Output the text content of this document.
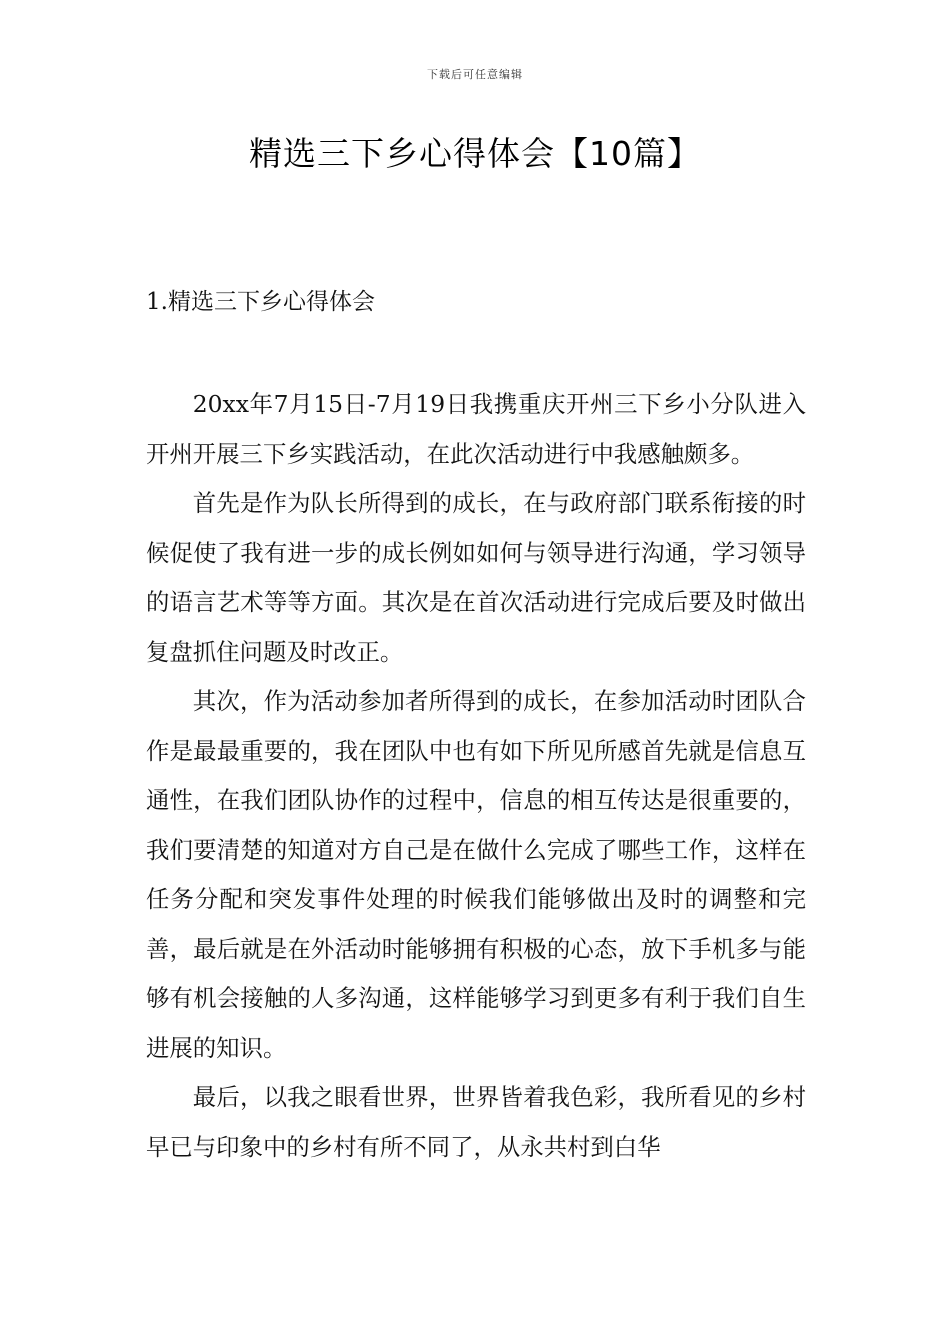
下载后可任意编辑
精选三下乡心得体会【10篇】
1.精选三下乡心得体会

20xx年7月15日-7月19日我携重庆开州三下乡小分队进入开州开展三下乡实践活动，在此次活动进行中我感触颇多。

首先是作为队长所得到的成长，在与政府部门联系衔接的时候促使了我有进一步的成长例如如何与领导进行沟通，学习领导的语言艺术等等方面。其次是在首次活动进行完成后要及时做出复盘抓住问题及时改正。

其次，作为活动参加者所得到的成长，在参加活动时团队合作是最最重要的，我在团队中也有如下所见所感首先就是信息互通性，在我们团队协作的过程中，信息的相互传达是很重要的，我们要清楚的知道对方自己是在做什么完成了哪些工作，这样在任务分配和突发事件处理的时候我们能够做出及时的调整和完善，最后就是在外活动时能够拥有积极的心态，放下手机多与能够有机会接触的人多沟通，这样能够学习到更多有利于我们自生进展的知识。

最后，以我之眼看世界，世界皆着我色彩，我所看见的乡村早已与印象中的乡村有所不同了，从永共村到白华
